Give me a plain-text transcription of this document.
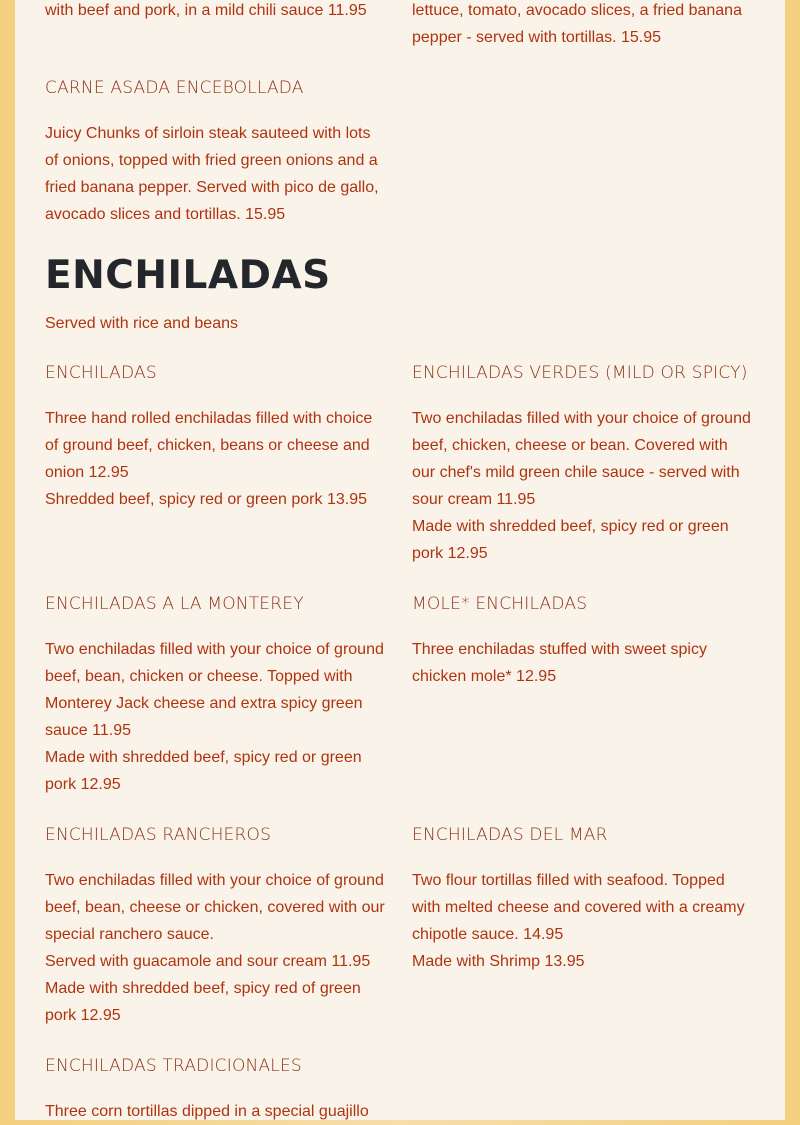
with beef and pork, in a mild chili sauce 11.95	lettuce, tomato, avocado slices, a fried banana

pepper - served with tortillas. 15.95

CARNE ASADA ENCEBOLLADA

Juicy Chunks of sirloin steak sauteed with lots

of onions, topped with fried green onions and a

fried banana pepper. Served with pico de gallo,

avocado slices and tortillas. 15.95

ENCHILADAS

Served with rice and beans

ENCHILADAS

Three hand rolled enchiladas filled with choice

of ground beef, chicken, beans or cheese and

onion 12.95

Shredded beef, spicy red or green pork 13.95

ENCHILADAS VERDES (MILD OR SPICY)

Two enchiladas filled with your choice of ground

beef, chicken, cheese or bean. Covered with

our chef's mild green chile sauce - served with

sour cream 11.95

Made with shredded beef, spicy red or green

pork 12.95

ENCHILADAS A LA MONTEREY

Two enchiladas filled with your choice of ground

beef, bean, chicken or cheese. Topped with

Monterey Jack cheese and extra spicy green

sauce 11.95

Made with shredded beef, spicy red or green

pork 12.95

MOLE* ENCHILADAS

Three enchiladas stuffed with sweet spicy

chicken mole* 12.95

ENCHILADAS RANCHEROS

Two enchiladas filled with your choice of ground

beef, bean, cheese or chicken, covered with our

special ranchero sauce.

Served with guacamole and sour cream 11.95

Made with shredded beef, spicy red of green

pork 12.95

ENCHILADAS DEL MAR

Two flour tortillas filled with seafood. Topped

with melted cheese and covered with a creamy

chipotle sauce. 14.95

Made with Shrimp 13.95

ENCHILADAS TRADICIONALES

Three corn tortillas dipped in a special guajillo
